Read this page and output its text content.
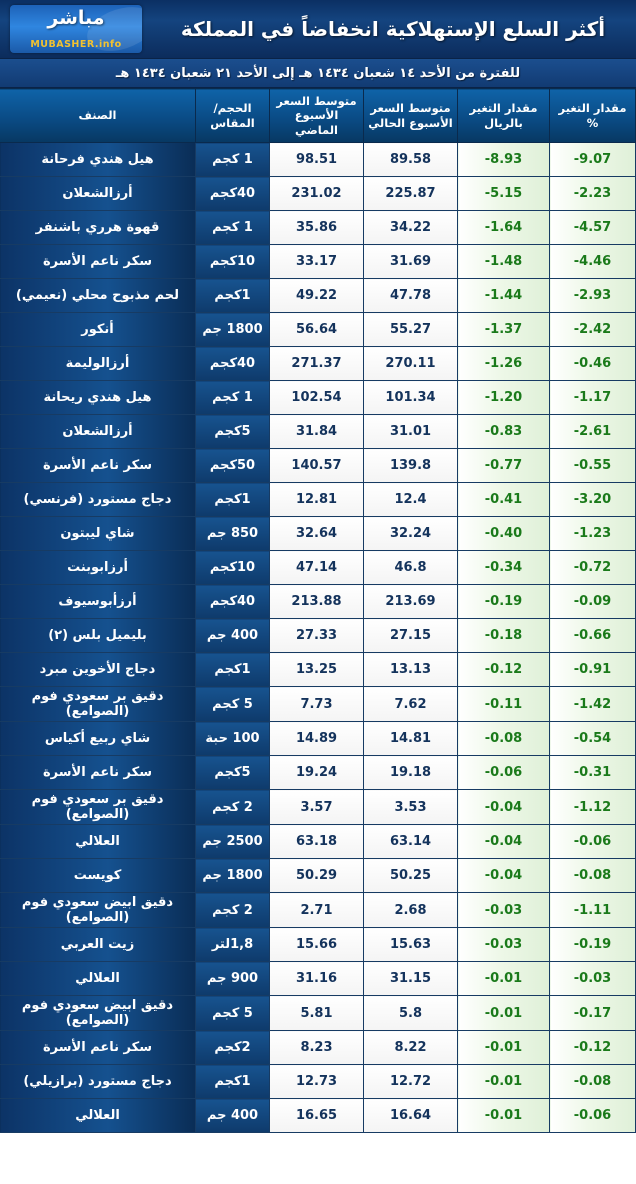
مباشر
MUBASHER.info
أكثر السلع الإستهلاكية انخفاضاً في المملكة
للفترة من الأحد ١٤ شعبان ١٤٣٤ هـ إلى الأحد ٢١ شعبان ١٤٣٤ هـ
مقدار التغير %	مقدار التغير بالريال	متوسط السعر الأسبوع الحالي	متوسط السعر الأسبوع الماضي	الحجم/المقاس	الصنف
-9.07	-8.93	89.58	98.51	1 كجم	هيل هندي فرحانة
-2.23	-5.15	225.87	231.02	40كجم	أرزالشعلان
-4.57	-1.64	34.22	35.86	1 كجم	قهوة هرري باشنفر
-4.46	-1.48	31.69	33.17	10كجم	سكر ناعم الأسرة
-2.93	-1.44	47.78	49.22	1كجم	لحم مذبوح محلي (نعيمي)
-2.42	-1.37	55.27	56.64	1800 جم	أنكور
-0.46	-1.26	270.11	271.37	40كجم	أرزالوليمة
-1.17	-1.20	101.34	102.54	1 كجم	هيل هندي ريحانة
-2.61	-0.83	31.01	31.84	5كجم	أرزالشعلان
-0.55	-0.77	139.8	140.57	50كجم	سكر ناعم الأسرة
-3.20	-0.41	12.4	12.81	1كجم	دجاج مستورد (فرنسي)
-1.23	-0.40	32.24	32.64	850 جم	شاي ليبتون
-0.72	-0.34	46.8	47.14	10كجم	أرزابوبنت
-0.09	-0.19	213.69	213.88	40كجم	أرزأبوسيوف
-0.66	-0.18	27.15	27.33	400 جم	بليميل بلس (٢)
-0.91	-0.12	13.13	13.25	1كجم	دجاج الأخوين مبرد
-1.42	-0.11	7.62	7.73	5 كجم	دقيق بر سعودي فوم (الصوامع)
-0.54	-0.08	14.81	14.89	100 حبة	شاي ربيع أكياس
-0.31	-0.06	19.18	19.24	5كجم	سكر ناعم الأسرة
-1.12	-0.04	3.53	3.57	2 كجم	دقيق بر سعودي فوم (الصوامع)
-0.06	-0.04	63.14	63.18	2500 جم	العلالي
-0.08	-0.04	50.25	50.29	1800 جم	كويست
-1.11	-0.03	2.68	2.71	2 كجم	دقيق ابيض سعودي فوم (الصوامع)
-0.19	-0.03	15.63	15.66	1,8لتر	زيت العربي
-0.03	-0.01	31.15	31.16	900 جم	العلالي
-0.17	-0.01	5.8	5.81	5 كجم	دقيق ابيض سعودي فوم (الصوامع)
-0.12	-0.01	8.22	8.23	2كجم	سكر ناعم الأسرة
-0.08	-0.01	12.72	12.73	1كجم	دجاج مستورد (برازيلي)
-0.06	-0.01	16.64	16.65	400 جم	العلالي
